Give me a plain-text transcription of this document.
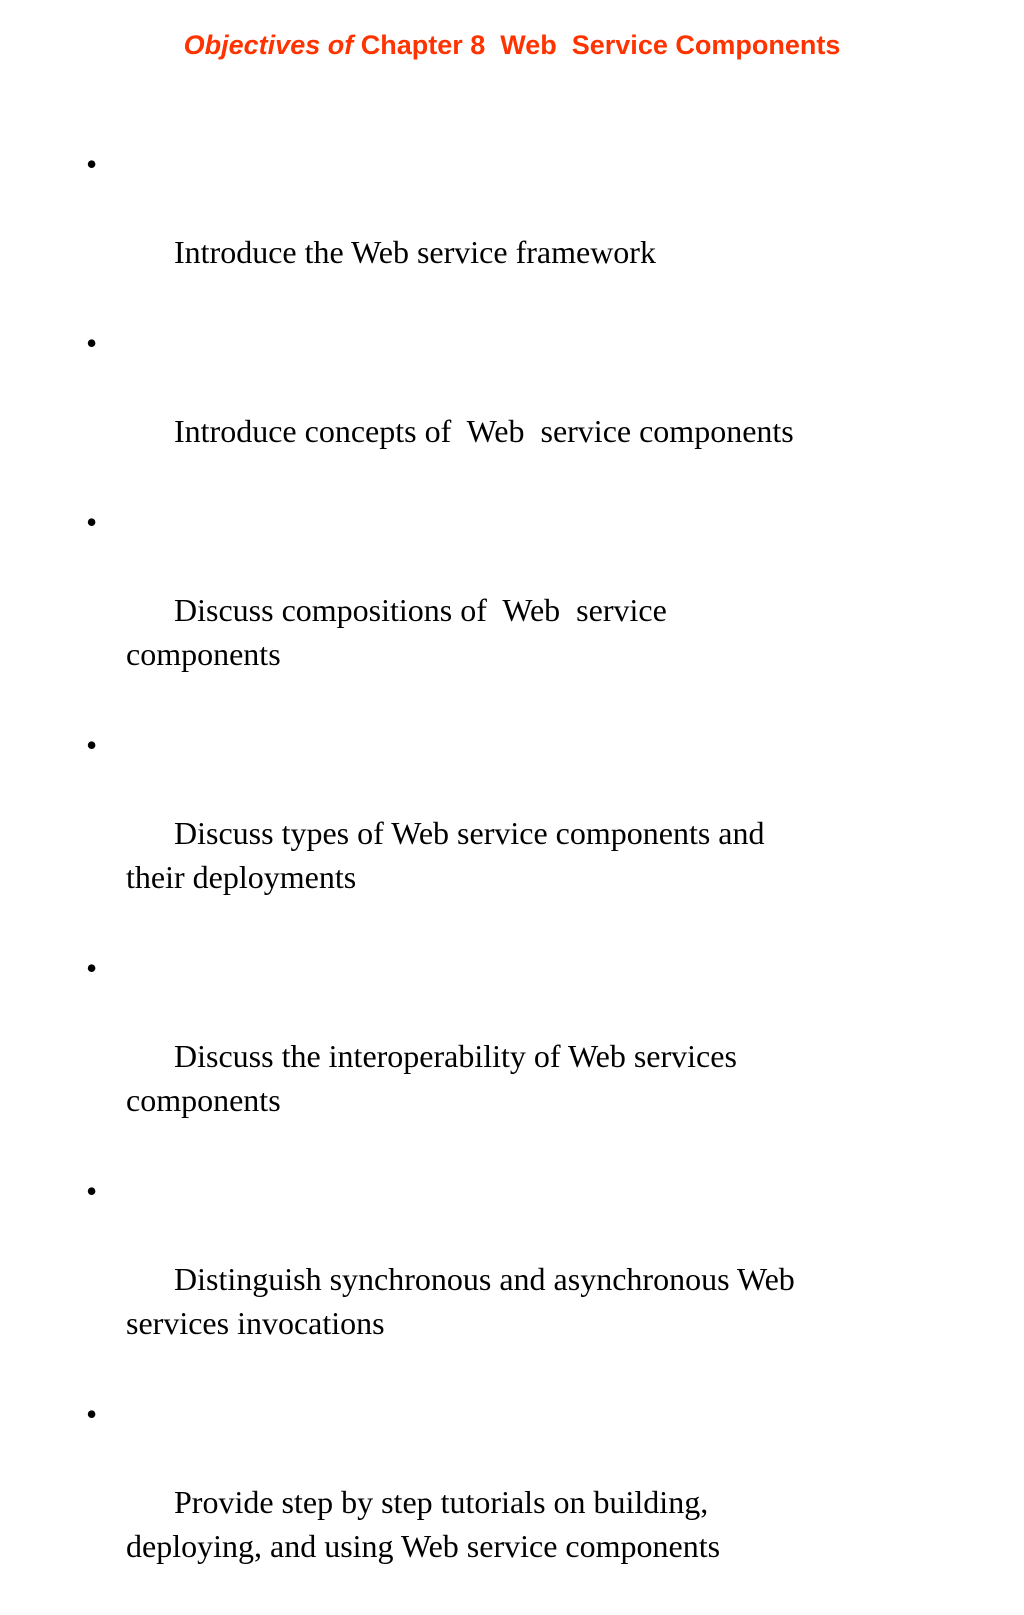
Objectives of Chapter 8  Web  Service Components

•

Introduce the Web service framework

•

Introduce concepts of  Web  service components

•

Discuss compositions of  Web  service
components

•

Discuss types of Web service components and
their deployments

•

Discuss the interoperability of Web services
components

•

Distinguish synchronous and asynchronous Web
services invocations

•

Provide step by step tutorials on building,
deploying, and using Web service components
